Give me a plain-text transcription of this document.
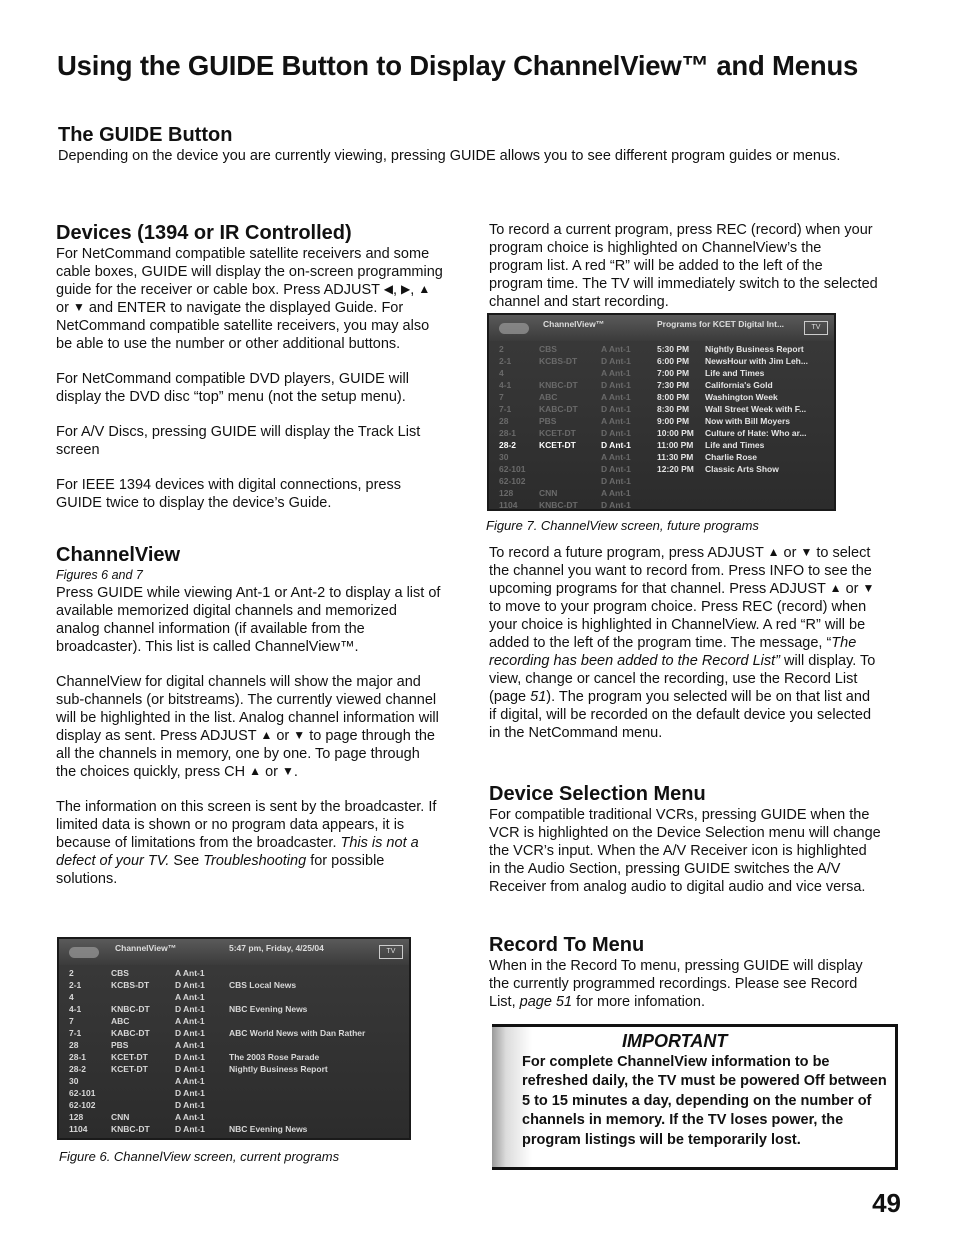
Using the GUIDE Button to Display ChannelView™ and Menus
The GUIDE Button
Depending on the device you are currently viewing, pressing GUIDE allows you to see different program guides or menus.
Devices (1394 or IR Controlled)

For NetCommand compatible satellite receivers and some cable boxes, GUIDE will display the on-screen programming guide for the receiver or cable box. Press ADJUST ◀, ▶, ▲ or ▼ and ENTER to navigate the displayed Guide. For NetCommand compatible satellite receivers, you may also be able to use the number or other additional buttons.

For NetCommand compatible DVD players, GUIDE will display the DVD disc “top” menu (not the setup menu).

For A/V Discs, pressing GUIDE will display the Track List screen

For IEEE 1394 devices with digital connections, press GUIDE twice to display the device’s Guide.

ChannelView
Figures 6 and 7

Press GUIDE while viewing Ant-1 or Ant-2 to display a list of available memorized digital channels and memorized analog channel information (if available from the broadcaster). This list is called ChannelView™.

ChannelView for digital channels will show the major and sub-channels (or bitstreams). The currently viewed channel will be highlighted in the list. Analog channel information will display as sent. Press ADJUST ▲ or ▼ to page through the all the channels in memory, one by one. To page through the choices quickly, press CH ▲ or ▼.

The information on this screen is sent by the broadcaster. If limited data is shown or no program data appears, it is because of limitations from the broadcaster. This is not a defect of your TV. See Troubleshooting for possible solutions.

ChannelView™	5:47 pm, Friday, 4/25/04	TV
2	CBS	A Ant-1
2-1	KCBS-DT	D Ant-1	CBS Local News
4	A Ant-1
4-1	KNBC-DT	D Ant-1	NBC Evening News
7	ABC	A Ant-1
7-1	KABC-DT	D Ant-1	ABC World News with Dan Rather
28	PBS	A Ant-1
28-1	KCET-DT	D Ant-1	The 2003 Rose Parade
28-2	KCET-DT	D Ant-1	Nightly Business Report
30	A Ant-1
62-101	D Ant-1
62-102	D Ant-1
128	CNN	A Ant-1
1104	KNBC-DT	D Ant-1	NBC Evening News
Figure 6. ChannelView screen, current programs
To record a current program, press REC (record) when your program choice is highlighted on ChannelView’s the program list. A red “R” will be added to the left of the program time. The TV will immediately switch to the selected channel and start recording.
ChannelView™	Programs for KCET Digital Int...	TV
2	CBS	A Ant-1	5:30 PM Nightly Business Report
2-1	KCBS-DT	D Ant-1	6:00 PM NewsHour with Jim Leh...
4	A Ant-1	7:00 PM Life and Times
4-1	KNBC-DT	D Ant-1	7:30 PM California's Gold
7	ABC	A Ant-1	8:00 PM Washington Week
7-1	KABC-DT	D Ant-1	8:30 PM Wall Street Week with F...
28	PBS	A Ant-1	9:00 PM Now with Bill Moyers
28-1	KCET-DT	D Ant-1	10:00 PM Culture of Hate: Who ar...
28-2	KCET-DT	D Ant-1	11:00 PM Life and Times
30	A Ant-1	11:30 PM Charlie Rose
62-101	D Ant-1	12:20 PM Classic Arts Show
62-102	D Ant-1
128	CNN	A Ant-1
1104	KNBC-DT	D Ant-1
Figure 7. ChannelView screen, future programs

To record a future program, press ADJUST ▲ or ▼ to select the channel you want to record from. Press INFO to see the upcoming programs for that channel. Press ADJUST ▲ or ▼ to move to your program choice. Press REC (record) when your choice is highlighted in ChannelView. A red “R” will be added to the left of the program time. The message, “The recording has been added to the Record List” will display. To view, change or cancel the recording, use the Record List (page 51). The program you selected will be on that list and if digital, will be recorded on the default device you selected in the NetCommand menu.

Device Selection Menu
For compatible traditional VCRs, pressing GUIDE when the VCR is highlighted on the Device Selection menu will change the VCR’s input. When the A/V Receiver icon is highlighted in the Audio Section, pressing GUIDE switches the A/V Receiver from analog audio to digital audio and vice versa.
Record To Menu
When in the Record To menu, pressing GUIDE will display the currently programmed recordings. Please see Record List, page 51 for more infomation.
IMPORTANT
For complete ChannelView information to be refreshed daily, the TV must be powered Off between 5 to 15 minutes a day, depending on the number of channels in memory. If the TV loses power, the program listings will be temporarily lost.
49
